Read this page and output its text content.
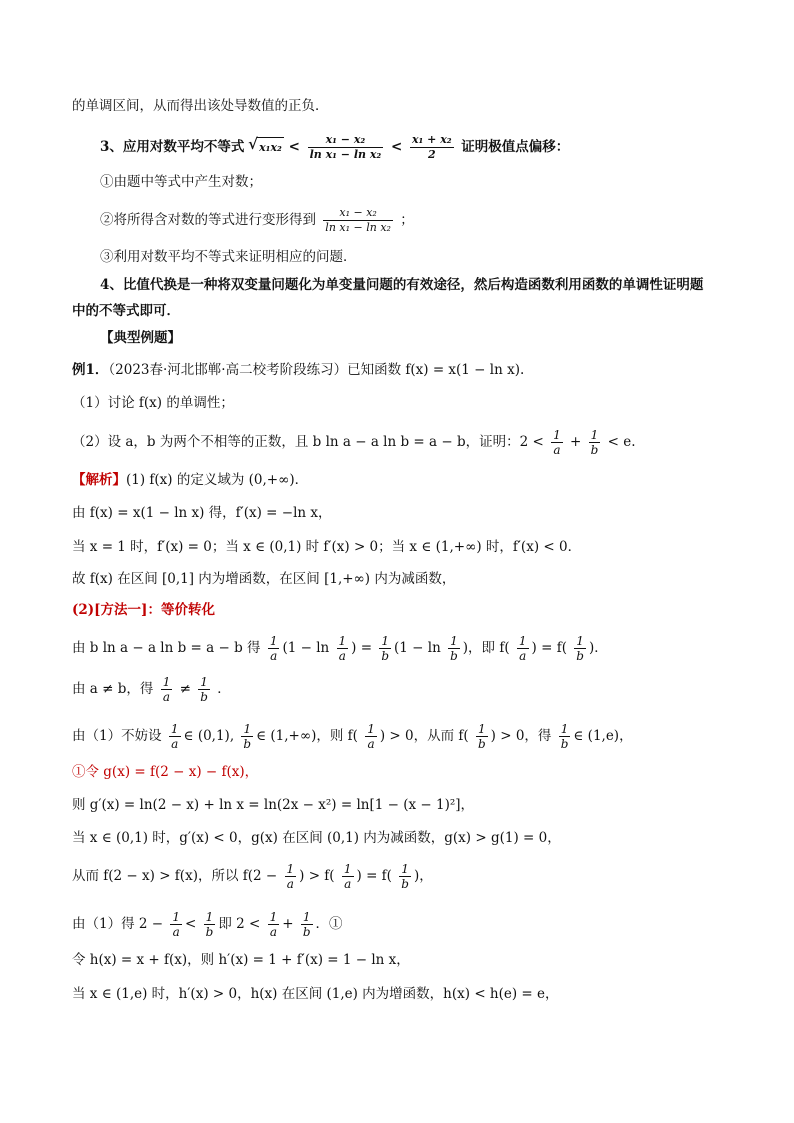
的单调区间，从而得出该处导数值的正负．
3、应用对数平均不等式 √ $x_1x_2 < \frac{\text{x₁ − x₂}}{\text{ln x₁ − ln x₂}} < \frac{\text{x₁ + x₂}}{2}$ 证明极值点偏移：
①由题中等式中产生对数；
②将所得含对数的等式进行变形得到 $\frac{\text{x₁ − x₂}}{\text{ln x₁ − ln x₂}}$ ；
③利用对数平均不等式来证明相应的问题．
4、比值代换是一种将双变量问题化为单变量问题的有效途径，然后构造函数利用函数的单调性证明题
中的不等式即可．
【典型例题】
例1．（2023春·河北邯郸·高二校考阶段练习）已知函数 f(x) = x(1 − ln x).
（1）讨论 f(x) 的单调性；
（2）设 a，b 为两个不相等的正数，且 b ln a − a ln b = a − b，证明：$2 < \frac{1}{a} + \frac{1}{b} < e$.
【解析】(1) f(x) 的定义域为 (0,+∞)．
由 f(x) = x(1 − ln x) 得，f′(x) = −ln x，
当 x = 1 时，f′(x) = 0；当 x ∈ (0,1) 时 f′(x) > 0；当 x ∈ (1,+∞) 时，f′(x) < 0．
故 f(x) 在区间 [0,1] 内为增函数，在区间 [1,+∞) 内为减函数，
(2)[方法一]：等价转化
由 b ln a − a ln b = a − b 得 $\frac{1}{a} (1 - \ln \frac{1}{a}$ ) = $\frac{1}{b} (1 - \ln \frac{1}{b}$ )，即 $f( \frac{1}{a}$ ) = $f( \frac{1}{b}$ )．
由 a ≠ b，得 $\frac{1}{a} \ne \frac{1}{b}$ ．
由（1）不妨设 $\frac{1}{a}$ ∈ (0,1), $\frac{1}{b}$ ∈ (1,+∞)，则 $f( \frac{1}{a}$ ) > 0，从而 $f( \frac{1}{b}$ ) > 0，得 $\frac{1}{b}$ ∈ (1,e)，
①令 g(x) = f(2 − x) − f(x)，
则 g′(x) = ln(2 − x) + ln x = ln(2x − x²) = ln[1 − (x − 1)²]，
当 x ∈ (0,1) 时，g′(x) < 0，g(x) 在区间 (0,1) 内为减函数，g(x) > g(1) = 0，
从而 f(2 − x) > f(x)，所以 $f(2 - \frac{1}{a}$ ) > $f( \frac{1}{a}$ ) = $f( \frac{1}{b}$ )，
由（1）得 $2 - \frac{1}{a} < \frac{1}{b}$ 即 $2 < \frac{1}{a} + \frac{1}{b}$ ．①
令 h(x) = x + f(x)，则 h′(x) = 1 + f′(x) = 1 − ln x，
当 x ∈ (1,e) 时，h′(x) > 0，h(x) 在区间 (1,e) 内为增函数，h(x) < h(e) = e，
